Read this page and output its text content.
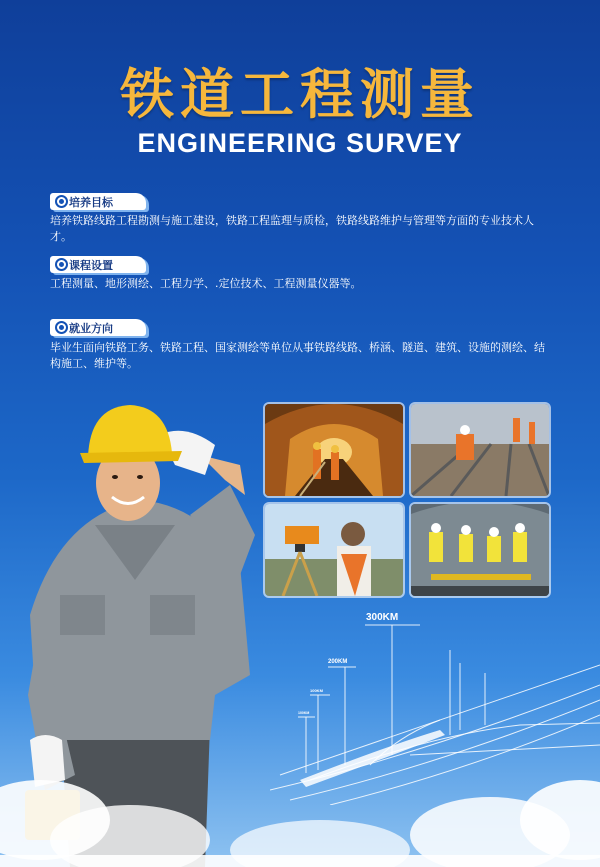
铁道工程测量
ENGINEERING SURVEY
培养目标
培养铁路线路工程勘测与施工建设，铁路工程监理与质检，铁路线路维护与管理等方面的专业技术人才。
课程设置
工程测量、地形测绘、工程力学、.定位技术、工程测量仪器等。
就业方向
毕业生面向铁路工务、铁路工程、国家测绘等单位从事铁路线路、桥涵、隧道、建筑、设施的测绘、结构施工、维护等。
300KM
200KM
100KM
100KM
